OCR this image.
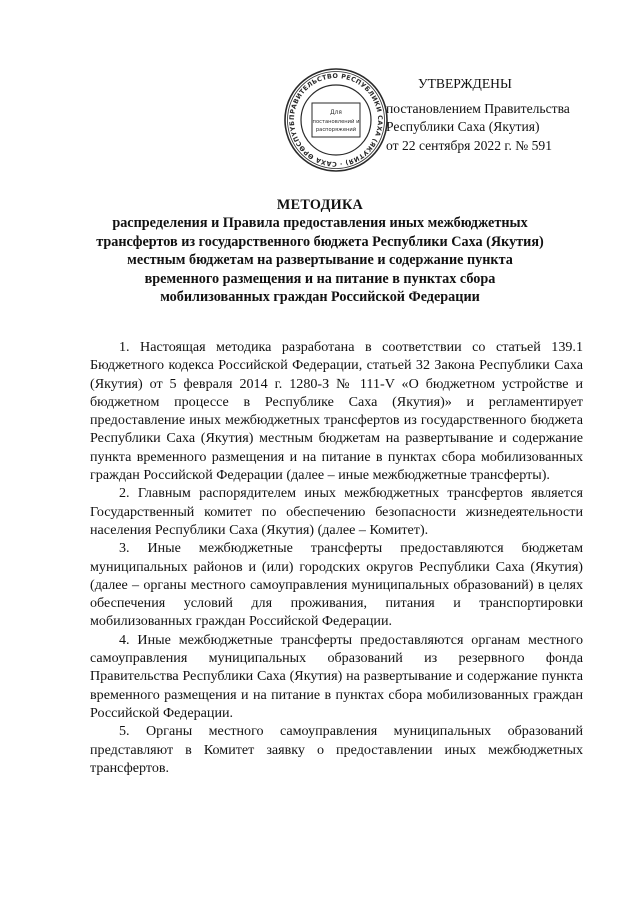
УТВЕРЖДЕНЫ
постановлением Правительства
Республики Саха (Якутия)
от 22 сентября 2022 г. № 591
ПРАВИТЕЛЬСТВО РЕСПУБЛИКИ САХА (ЯКУТИЯ) · САХА ӨРӨСПҮҮБ
Для
постановлений и
распоряжений
МЕТОДИКА
распределения и Правила предоставления иных межбюджетных трансфертов из государственного бюджета Республики Саха (Якутия) местным бюджетам на развертывание и содержание пункта временного размещения и на питание в пунктах сбора мобилизованных граждан Российской Федерации

1. Настоящая методика разработана в соответствии со статьей 139.1 Бюджетного кодекса Российской Федерации, статьей 32 Закона Республики Саха (Якутия) от 5 февраля 2014 г. 1280-З № 111-V «О бюджетном устройстве и бюджетном процессе в Республике Саха (Якутия)» и регламентирует предоставление иных межбюджетных трансфертов из государственного бюджета Республики Саха (Якутия) местным бюджетам на развертывание и содержание пункта временного размещения и на питание в пунктах сбора мобилизованных граждан Российской Федерации (далее – иные межбюджетные трансферты).

2. Главным распорядителем иных межбюджетных трансфертов является Государственный комитет по обеспечению безопасности жизнедеятельности населения Республики Саха (Якутия) (далее – Комитет).

3. Иные межбюджетные трансферты предоставляются бюджетам муниципальных районов и (или) городских округов Республики Саха (Якутия) (далее – органы местного самоуправления муниципальных образований) в целях обеспечения условий для проживания, питания и транспортировки мобилизованных граждан Российской Федерации.

4. Иные межбюджетные трансферты предоставляются органам местного самоуправления муниципальных образований из резервного фонда Правительства Республики Саха (Якутия) на развертывание и содержание пункта временного размещения и на питание в пунктах сбора мобилизованных граждан Российской Федерации.

5. Органы местного самоуправления муниципальных образований представляют в Комитет заявку о предоставлении иных межбюджетных трансфертов.
